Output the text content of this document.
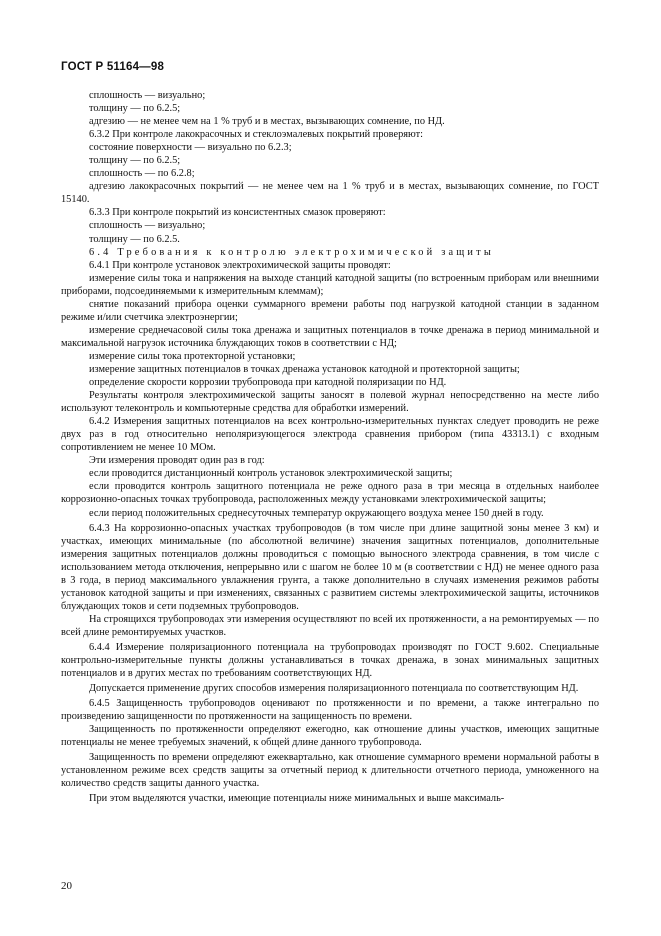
ГОСТ Р 51164—98

сплошность — визуально;

толщину — по 6.2.5;

адгезию — не менее чем на 1 % труб и в местах, вызывающих сомнение, по НД.

6.3.2 При контроле лакокрасочных и стеклоэмалевых покрытий проверяют:

состояние поверхности — визуально по 6.2.3;

толщину — по 6.2.5;

сплошность — по 6.2.8;

адгезию лакокрасочных покрытий — не менее чем на 1 % труб и в местах, вызывающих сомнение, по ГОСТ 15140.

6.3.3 При контроле покрытий из консистентных смазок проверяют:

сплошность — визуально;

толщину — по 6.2.5.

6.4 Требования к контролю электрохимической защиты

6.4.1 При контроле установок электрохимической защиты проводят:

измерение силы тока и напряжения на выходе станций катодной защиты (по встроенным приборам или внешними приборами, подсоединяемыми к измерительным клеммам);

снятие показаний прибора оценки суммарного времени работы под нагрузкой катодной станции в заданном режиме и/или счетчика электроэнергии;

измерение среднечасовой силы тока дренажа и защитных потенциалов в точке дренажа в период минимальной и максимальной нагрузок источника блуждающих токов в соответствии с НД;

измерение силы тока протекторной установки;

измерение защитных потенциалов в точках дренажа установок катодной и протекторной защиты;

определение скорости коррозии трубопровода при катодной поляризации по НД.

Результаты контроля электрохимической защиты заносят в полевой журнал непосредственно на месте либо используют телеконтроль и компьютерные средства для обработки измерений.

6.4.2 Измерения защитных потенциалов на всех контрольно-измерительных пунктах следует проводить не реже двух раз в год относительно неполяризующегося электрода сравнения прибором (типа 43313.1) с входным сопротивлением не менее 10 МОм.

Эти измерения проводят один раз в год:

если проводится дистанционный контроль установок электрохимической защиты;

если проводится контроль защитного потенциала не реже одного раза в три месяца в отдельных наиболее коррозионно-опасных точках трубопровода, расположенных между установками электрохимической защиты;

если период положительных среднесуточных температур окружающего воздуха менее 150 дней в году.

6.4.3 На коррозионно-опасных участках трубопроводов (в том числе при длине защитной зоны менее 3 км) и участках, имеющих минимальные (по абсолютной величине) значения защитных потенциалов, дополнительные измерения защитных потенциалов должны проводиться с помощью выносного электрода сравнения, в том числе с использованием метода отключения, непрерывно или с шагом не более 10 м (в соответствии с НД) не менее одного раза в 3 года, в период максимального увлажнения грунта, а также дополнительно в случаях изменения режимов работы установок катодной защиты и при изменениях, связанных с развитием системы электрохимической защиты, источников блуждающих токов и сети подземных трубопроводов.

На строящихся трубопроводах эти измерения осуществляют по всей их протяженности, а на ремонтируемых — по всей длине ремонтируемых участков.

6.4.4 Измерение поляризационного потенциала на трубопроводах производят по ГОСТ 9.602. Специальные контрольно-измерительные пункты должны устанавливаться в точках дренажа, в зонах минимальных защитных потенциалов и в других местах по требованиям соответствующих НД.

Допускается применение других способов измерения поляризационного потенциала по соответствующим НД.

6.4.5 Защищенность трубопроводов оценивают по протяженности и по времени, а также интегрально по произведению защищенности по протяженности на защищенность по времени.

Защищенность по протяженности определяют ежегодно, как отношение длины участков, имеющих защитные потенциалы не менее требуемых значений, к общей длине данного трубопровода.

Защищенность по времени определяют ежеквартально, как отношение суммарного времени нормальной работы в установленном режиме всех средств защиты за отчетный период к длительности отчетного периода, умноженного на количество средств защиты данного участка.

При этом выделяются участки, имеющие потенциалы ниже минимальных и выше максималь-

20
